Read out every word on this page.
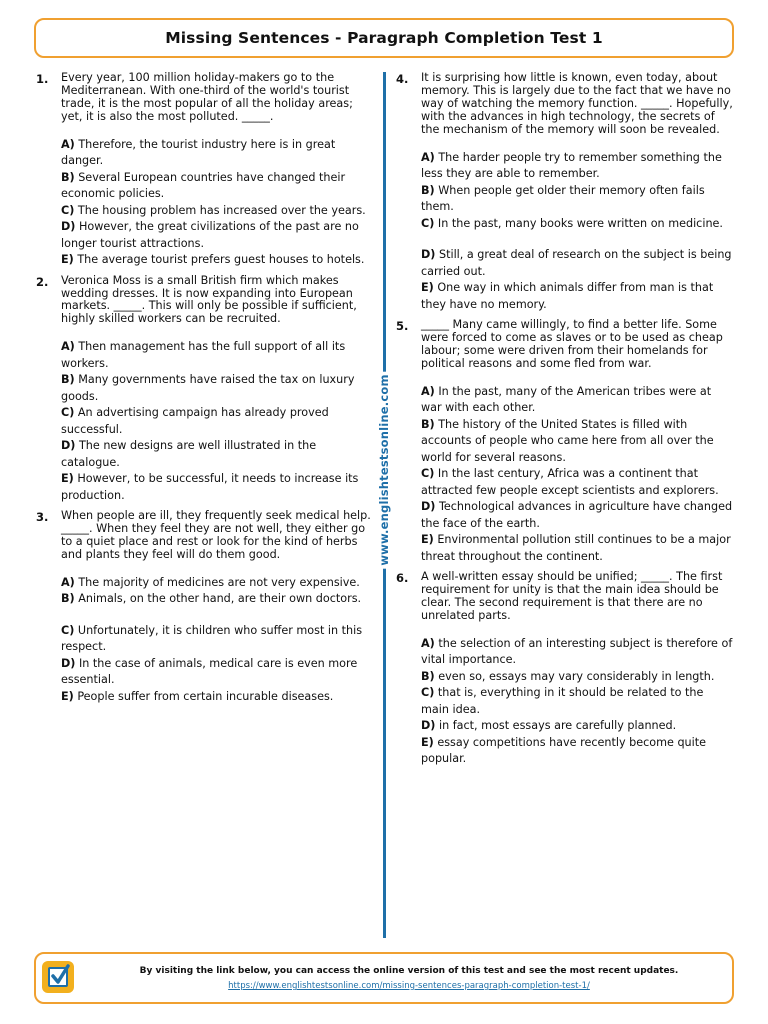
Missing Sentences - Paragraph Completion Test 1
www.englishtestsonline.com
1. Every year, 100 million holiday-makers go to the Mediterranean. With one-third of the world's tourist trade, it is the most popular of all the holiday areas; yet, it is also the most polluted. _____.

A) Therefore, the tourist industry here is in great danger.
B) Several European countries have changed their economic policies.
C) The housing problem has increased over the years.
D) However, the great civilizations of the past are no longer tourist attractions.
E) The average tourist prefers guest houses to hotels.
2. Veronica Moss is a small British firm which makes wedding dresses. It is now expanding into European markets. _____. This will only be possible if sufficient, highly skilled workers can be recruited.

A) Then management has the full support of all its workers.
B) Many governments have raised the tax on luxury goods.
C) An advertising campaign has already proved successful.
D) The new designs are well illustrated in the catalogue.
E) However, to be successful, it needs to increase its production.
3. When people are ill, they frequently seek medical help. _____. When they feel they are not well, they either go to a quiet place and rest or look for the kind of herbs and plants they feel will do them good.

A) The majority of medicines are not very expensive.
B) Animals, on the other hand, are their own doctors.
C) Unfortunately, it is children who suffer most in this respect.
D) In the case of animals, medical care is even more essential.
E) People suffer from certain incurable diseases.
4. It is surprising how little is known, even today, about memory. This is largely due to the fact that we have no way of watching the memory function. _____. Hopefully, with the advances in high technology, the secrets of the mechanism of the memory will soon be revealed.

A) The harder people try to remember something the less they are able to remember.
B) When people get older their memory often fails them.
C) In the past, many books were written on medicine.
D) Still, a great deal of research on the subject is being carried out.
E) One way in which animals differ from man is that they have no memory.
5. _____ Many came willingly, to find a better life. Some were forced to come as slaves or to be used as cheap labour; some were driven from their homelands for political reasons and some fled from war.

A) In the past, many of the American tribes were at war with each other.
B) The history of the United States is filled with accounts of people who came here from all over the world for several reasons.
C) In the last century, Africa was a continent that attracted few people except scientists and explorers.
D) Technological advances in agriculture have changed the face of the earth.
E) Environmental pollution still continues to be a major threat throughout the continent.
6. A well-written essay should be unified; _____. The first requirement for unity is that the main idea should be clear. The second requirement is that there are no unrelated parts.

A) the selection of an interesting subject is therefore of vital importance.
B) even so, essays may vary considerably in length.
C) that is, everything in it should be related to the main idea.
D) in fact, most essays are carefully planned.
E) essay competitions have recently become quite popular.
By visiting the link below, you can access the online version of this test and see the most recent updates.
https://www.englishtestsonline.com/missing-sentences-paragraph-completion-test-1/
